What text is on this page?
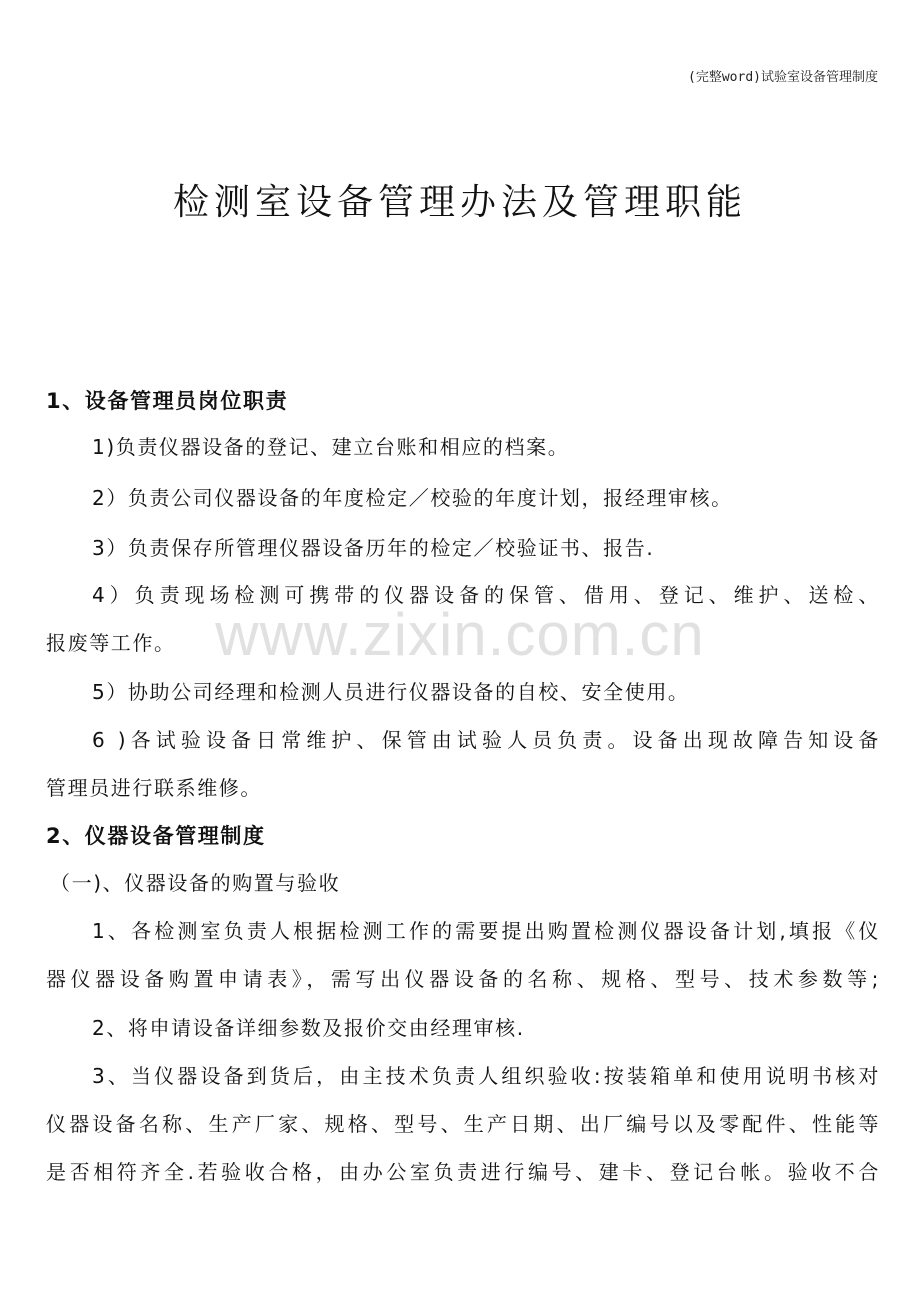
(完整word)试验室设备管理制度
检测室设备管理办法及管理职能
www.zixin.com.cn
1、设备管理员岗位职责
1)负责仪器设备的登记、建立台账和相应的档案。
2）负责公司仪器设备的年度检定／校验的年度计划，报经理审核。
3）负责保存所管理仪器设备历年的检定／校验证书、报告.
4）负责现场检测可携带的仪器设备的保管、借用、登记、维护、送检、
报废等工作。
5）协助公司经理和检测人员进行仪器设备的自校、安全使用。
6 )各试验设备日常维护、保管由试验人员负责。设备出现故障告知设备
管理员进行联系维修。
2、仪器设备管理制度
（一)、仪器设备的购置与验收
1、各检测室负责人根据检测工作的需要提出购置检测仪器设备计划,填报《仪
器仪器设备购置申请表》，需写出仪器设备的名称、规格、型号、技术参数等;
2、将申请设备详细参数及报价交由经理审核.
3、当仪器设备到货后，由主技术负责人组织验收:按装箱单和使用说明书核对
仪器设备名称、生产厂家、规格、型号、生产日期、出厂编号以及零配件、性能等
是否相符齐全.若验收合格，由办公室负责进行编号、建卡、登记台帐。验收不合
